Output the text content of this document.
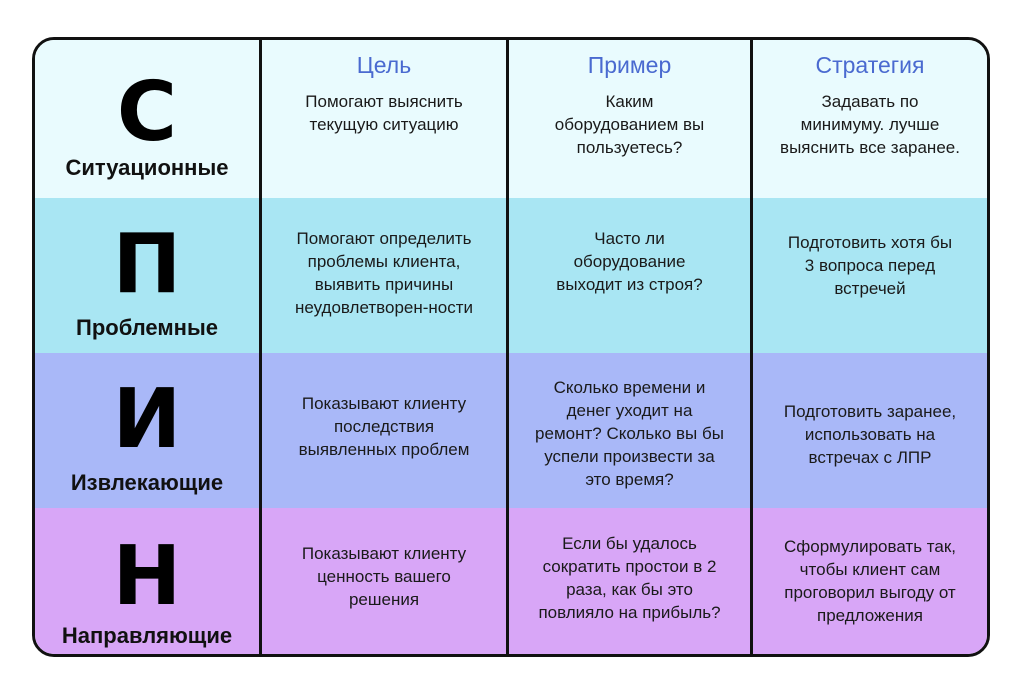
С
Ситуационные
Цель
Помогают выяснить
текущую ситуацию
Пример
Каким
оборудованием вы
пользуетесь?
Стратегия
Задавать по
минимуму. лучше
выяснить все заранее.
П
Проблемные
Помогают определить
проблемы клиента,
выявить причины
неудовлетворен-ности
Часто ли
оборудование
выходит из строя?
Подготовить хотя бы
3 вопроса перед
встречей
И
Извлекающие
Показывают клиенту
последствия
выявленных проблем
Сколько времени и
денег уходит на
ремонт? Сколько вы бы
успели произвести за
это время?
Подготовить заранее,
использовать на
встречах с ЛПР
Н
Направляющие
Показывают клиенту
ценность вашего
решения
Если бы удалось
сократить простои в 2
раза, как бы это
повлияло на прибыль?
Сформулировать так,
чтобы клиент сам
проговорил выгоду от
предложения
